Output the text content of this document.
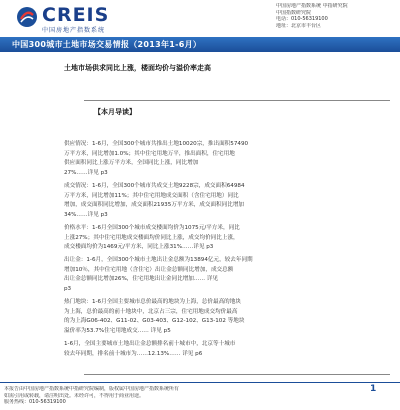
CREIS
中国房地产指数系统
中国房地产指数系统 中指研究院
中国指数研究院
电话：010-56319100
地址：北京市丰台区
中国300城市土地市场交易情报（2013年1-6月）
土地市场供求同比上涨，楼面均价与溢价率走高
【本月导读】

供应情况：1-6月，全国300个城市共推出土地10020宗，推出面积57490

万平方米，同比增加1.0%；其中住宅用地万平，推出面积，住宅用地

供应面积同比上涨万平方米，全国同比上涨，同比增加

27%……详见 p3

成交情况：1-6月，全国300个城市共成交土地9228宗，成交面积64984

万平方米，同比增加11%；其中住宅用地成交面积（含住宅用地）同比

增加，成交面积同比增加，成交面积21935万平方米，成交面积同比增加

34%……详见 p3

价格水平：1-6月全国300个城市成交楼面均价为1075元/平方米，同比

上涨27%；其中住宅用地成交楼面均价同比上涨，成交均价同比上涨，

成交楼面均价为1469元/平方米，同比上涨31%……详见 p3

出让金：1-6月，全国300个城市土地出让金总额为13894亿元，较去年同期

增加10％，其中住宅用地（含住宅）出让金总额同比增加，成交总额

出让金总额同比增加26%，住宅用地出让金同比增加…… 详见

p3

热门地块：1-6月全国主要城市总价最高的地块为上海，总价最高的地块

为上海，总价最高的前十地块中，北京占三宗，住宅用地成交均价最高

的为上海G06-402、G11-02、G03-403、G12-102、G13-102 等地块

溢价率为53.7%住宅用地成交…… 详见 p5

1-6月，全国主要城市土地出让金总额排名前十城市中，北京等十城市

较去年同期，排名前十城市为……12.13%…… 详见 p6

本报告由中国房地产指数系统中指研究院编制，版权属中国房地产指数系统所有
如需引用或转载，请注明出处。未经许可，不得用于商业用途。
服务热线：010-56319100
1
